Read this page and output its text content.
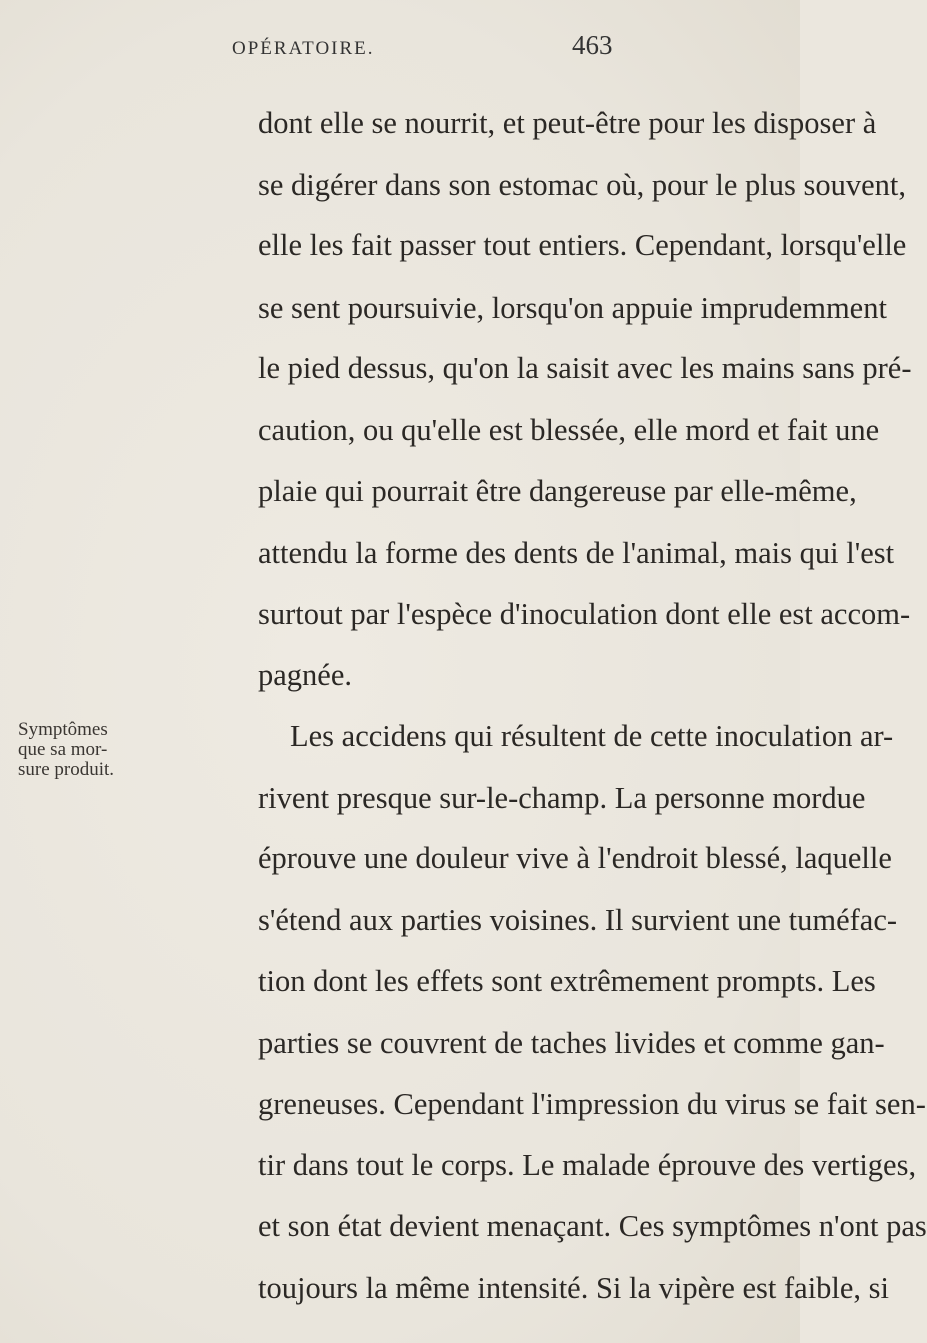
OPÉRATOIRE.	463
dont elle se nourrit, et peut-être pour les disposer à
se digérer dans son estomac où, pour le plus souvent,
elle les fait passer tout entiers. Cependant, lorsqu'elle
se sent poursuivie, lorsqu'on appuie imprudemment
le pied dessus, qu'on la saisit avec les mains sans pré-
caution, ou qu'elle est blessée, elle mord et fait une
plaie qui pourrait être dangereuse par elle-même,
attendu la forme des dents de l'animal, mais qui l'est
surtout par l'espèce d'inoculation dont elle est accom-
pagnée.
Les accidens qui résultent de cette inoculation ar-
rivent presque sur-le-champ. La personne mordue
éprouve une douleur vive à l'endroit blessé, laquelle
s'étend aux parties voisines. Il survient une tuméfac-
tion dont les effets sont extrêmement prompts. Les
parties se couvrent de taches livides et comme gan-
greneuses. Cependant l'impression du virus se fait sen-
tir dans tout le corps. Le malade éprouve des vertiges,
et son état devient menaçant. Ces symptômes n'ont pas
toujours la même intensité. Si la vipère est faible, si
Symptômes
que sa mor-
sure produit.
